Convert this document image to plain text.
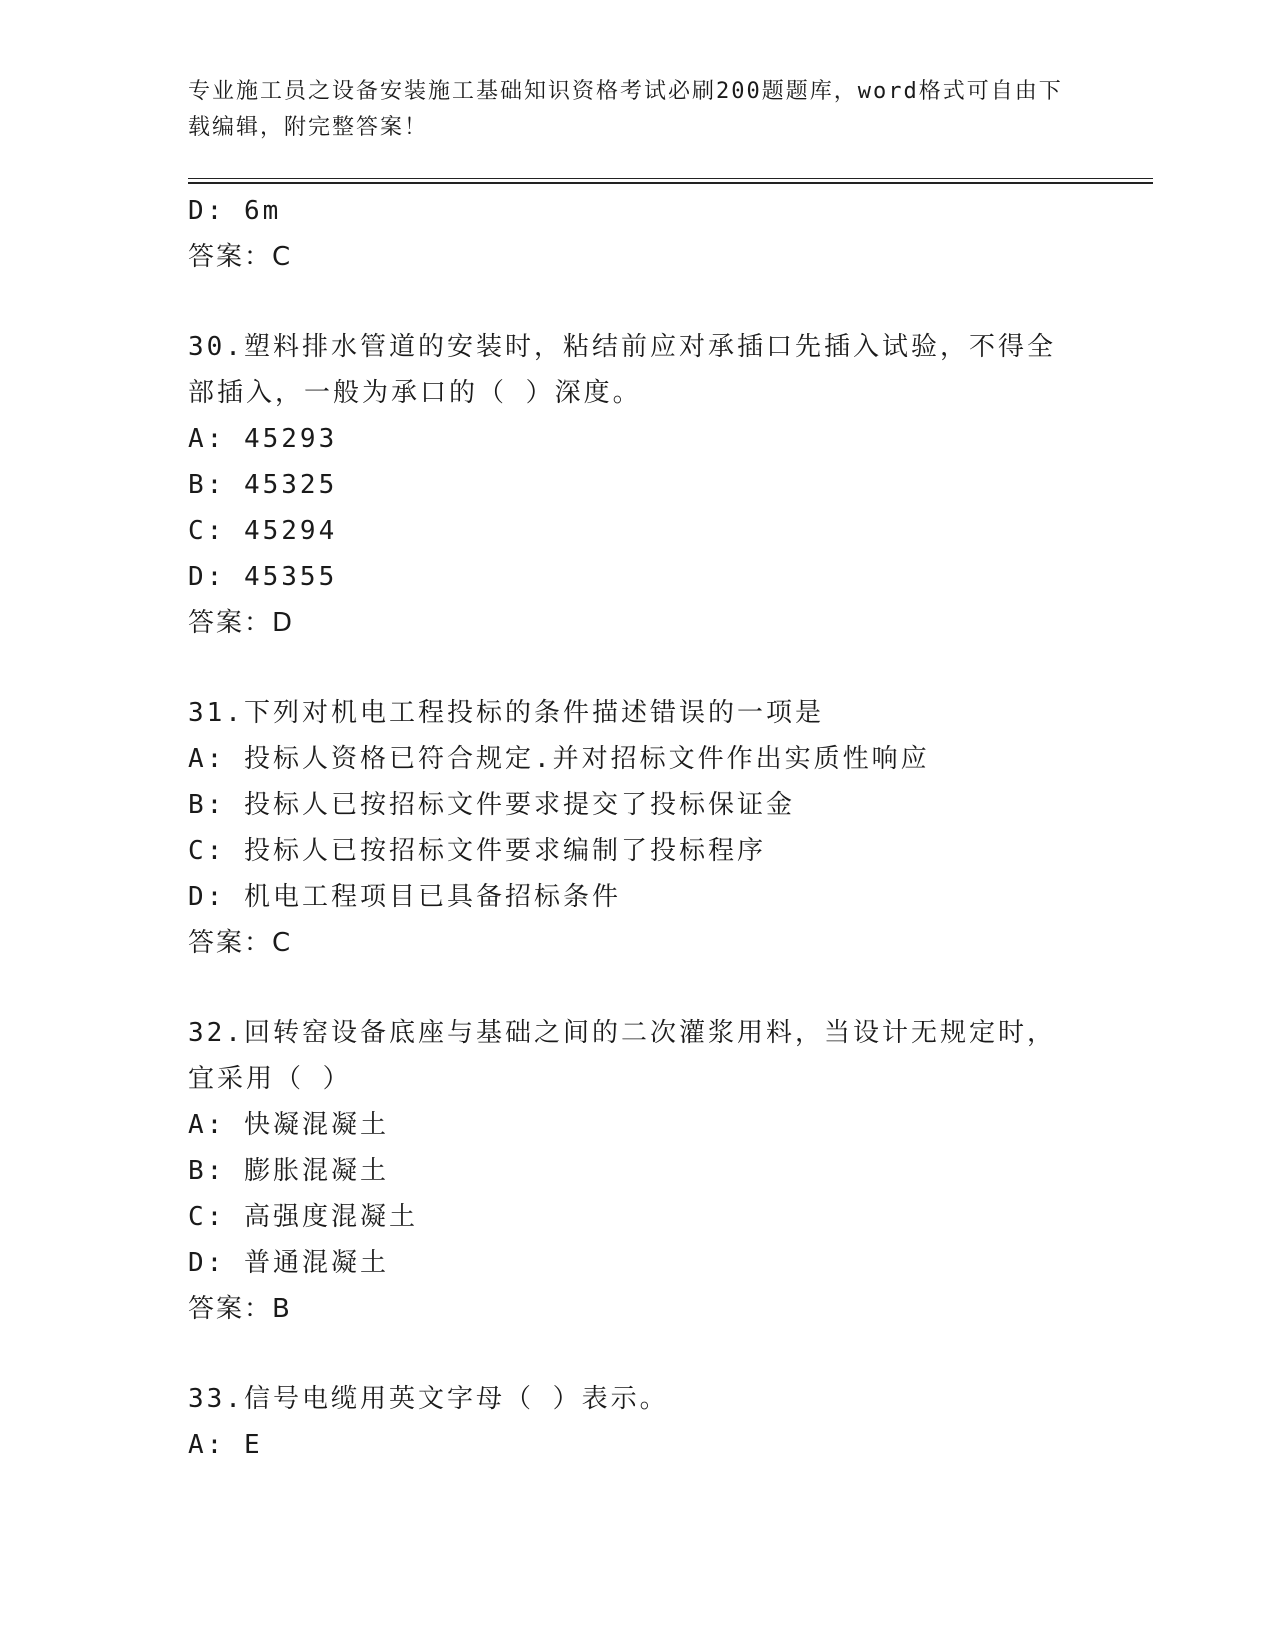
专业施工员之设备安装施工基础知识资格考试必刷200题题库，word格式可自由下载编辑，附完整答案！
D: 6m
答案：C
30.塑料排水管道的安装时，粘结前应对承插口先插入试验，不得全部插入，一般为承口的（ ）深度。
A: 45293
B: 45325
C: 45294
D: 45355
答案：D
31.下列对机电工程投标的条件描述错误的一项是
A: 投标人资格已符合规定.并对招标文件作出实质性响应
B: 投标人已按招标文件要求提交了投标保证金
C: 投标人已按招标文件要求编制了投标程序
D: 机电工程项目已具备招标条件
答案：C
32.回转窑设备底座与基础之间的二次灌浆用料，当设计无规定时，宜采用（ ）
A: 快凝混凝土
B: 膨胀混凝土
C: 高强度混凝土
D: 普通混凝土
答案：B
33.信号电缆用英文字母（ ）表示。
A: E
